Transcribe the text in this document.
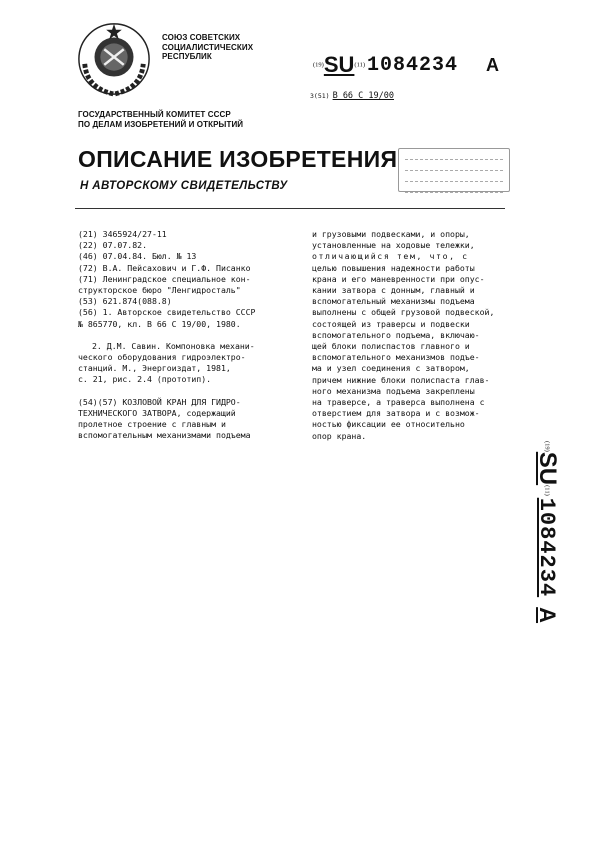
СОЮЗ СОВЕТСКИХ
СОЦИАЛИСТИЧЕСКИХ
РЕСПУБЛИК
(19)SU(11) 1084234 A
3(51) B 66 C 19/00
ГОСУДАРСТВЕННЫЙ КОМИТЕТ СССР
ПО ДЕЛАМ ИЗОБРЕТЕНИЙ И ОТКРЫТИЙ
ОПИСАНИЕ ИЗОБРЕТЕНИЯ
Н АВТОРСКОМУ СВИДЕТЕЛЬСТВУ

(21) 3465924/27-11

(22) 07.07.82.

(46) 07.04.84. Бюл. № 13

(72) В.А. Пейсахович и Г.Ф. Писанко

(71) Ленинградское специальное кон-

структорское бюро "Ленгидросталь"

(53) 621.874(088.8)

(56) 1. Авторское свидетельство СССР

№ 865770, кл. B 66 C 19/00, 1980.

2. Д.М. Савин. Компоновка механи-

ческого оборудования гидроэлектро-

станций. М., Энергоиздат, 1981,

с. 21, рис. 2.4 (прототип).

(54)(57) КОЗЛОВОЙ КРАН ДЛЯ ГИДРО-

ТЕХНИЧЕСКОГО ЗАТВОРА, содержащий

пролетное строение с главным и

вспомогательным механизмами подъема

и грузовыми подвесками, и опоры,

установленные на ходовые тележки,

отличающийся тем, что, с

целью повышения надежности работы

крана и его маневренности при опус-

кании затвора с донным, главный и

вспомогательный механизмы подъема

выполнены с общей грузовой подвеской,

состоящей из траверсы и подвески

вспомогательного подъема, включаю-

щей блоки полиспастов главного и

вспомогательного механизмов подъе-

ма и узел соединения с затвором,

причем нижние блоки полиспаста глав-

ного механизма подъема закреплены

на траверсе, а траверса выполнена с

отверстием для затвора и с возмож-

ностью фиксации ее относительно

опор крана.

(19)SU(11)1084234A
